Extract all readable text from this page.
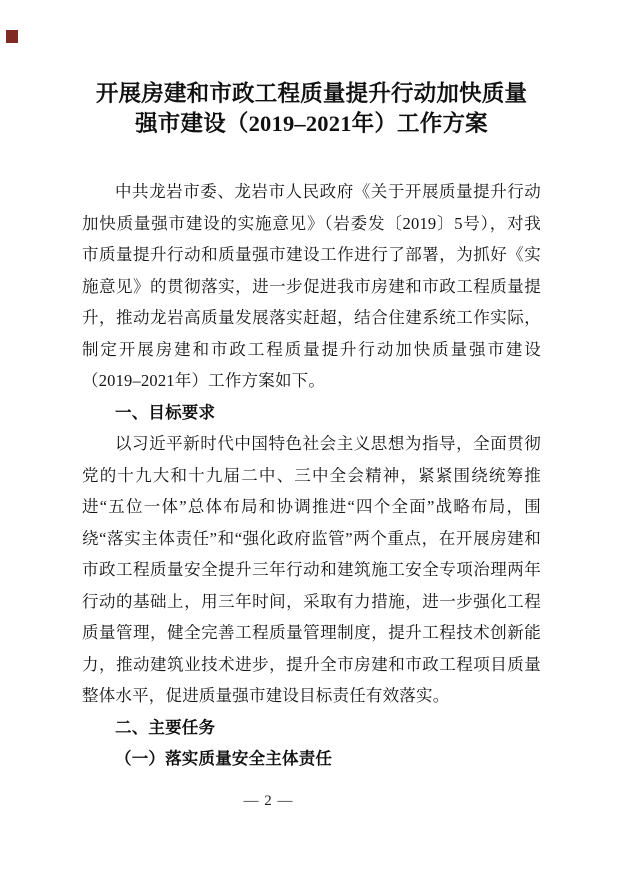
开展房建和市政工程质量提升行动加快质量
强市建设（2019–2021年）工作方案

中共龙岩市委、龙岩市人民政府《关于开展质量提升行动加快质量强市建设的实施意见》（岩委发〔2019〕5号），对我市质量提升行动和质量强市建设工作进行了部署，为抓好《实施意见》的贯彻落实，进一步促进我市房建和市政工程质量提升，推动龙岩高质量发展落实赶超，结合住建系统工作实际，制定开展房建和市政工程质量提升行动加快质量强市建设（2019–2021年）工作方案如下。

一、目标要求

以习近平新时代中国特色社会主义思想为指导，全面贯彻党的十九大和十九届二中、三中全会精神，紧紧围绕统筹推进“五位一体”总体布局和协调推进“四个全面”战略布局，围绕“落实主体责任”和“强化政府监管”两个重点，在开展房建和市政工程质量安全提升三年行动和建筑施工安全专项治理两年行动的基础上，用三年时间，采取有力措施，进一步强化工程质量管理，健全完善工程质量管理制度，提升工程技术创新能力，推动建筑业技术进步，提升全市房建和市政工程项目质量整体水平，促进质量强市建设目标责任有效落实。

二、主要任务

（一）落实质量安全主体责任

— 2 —
